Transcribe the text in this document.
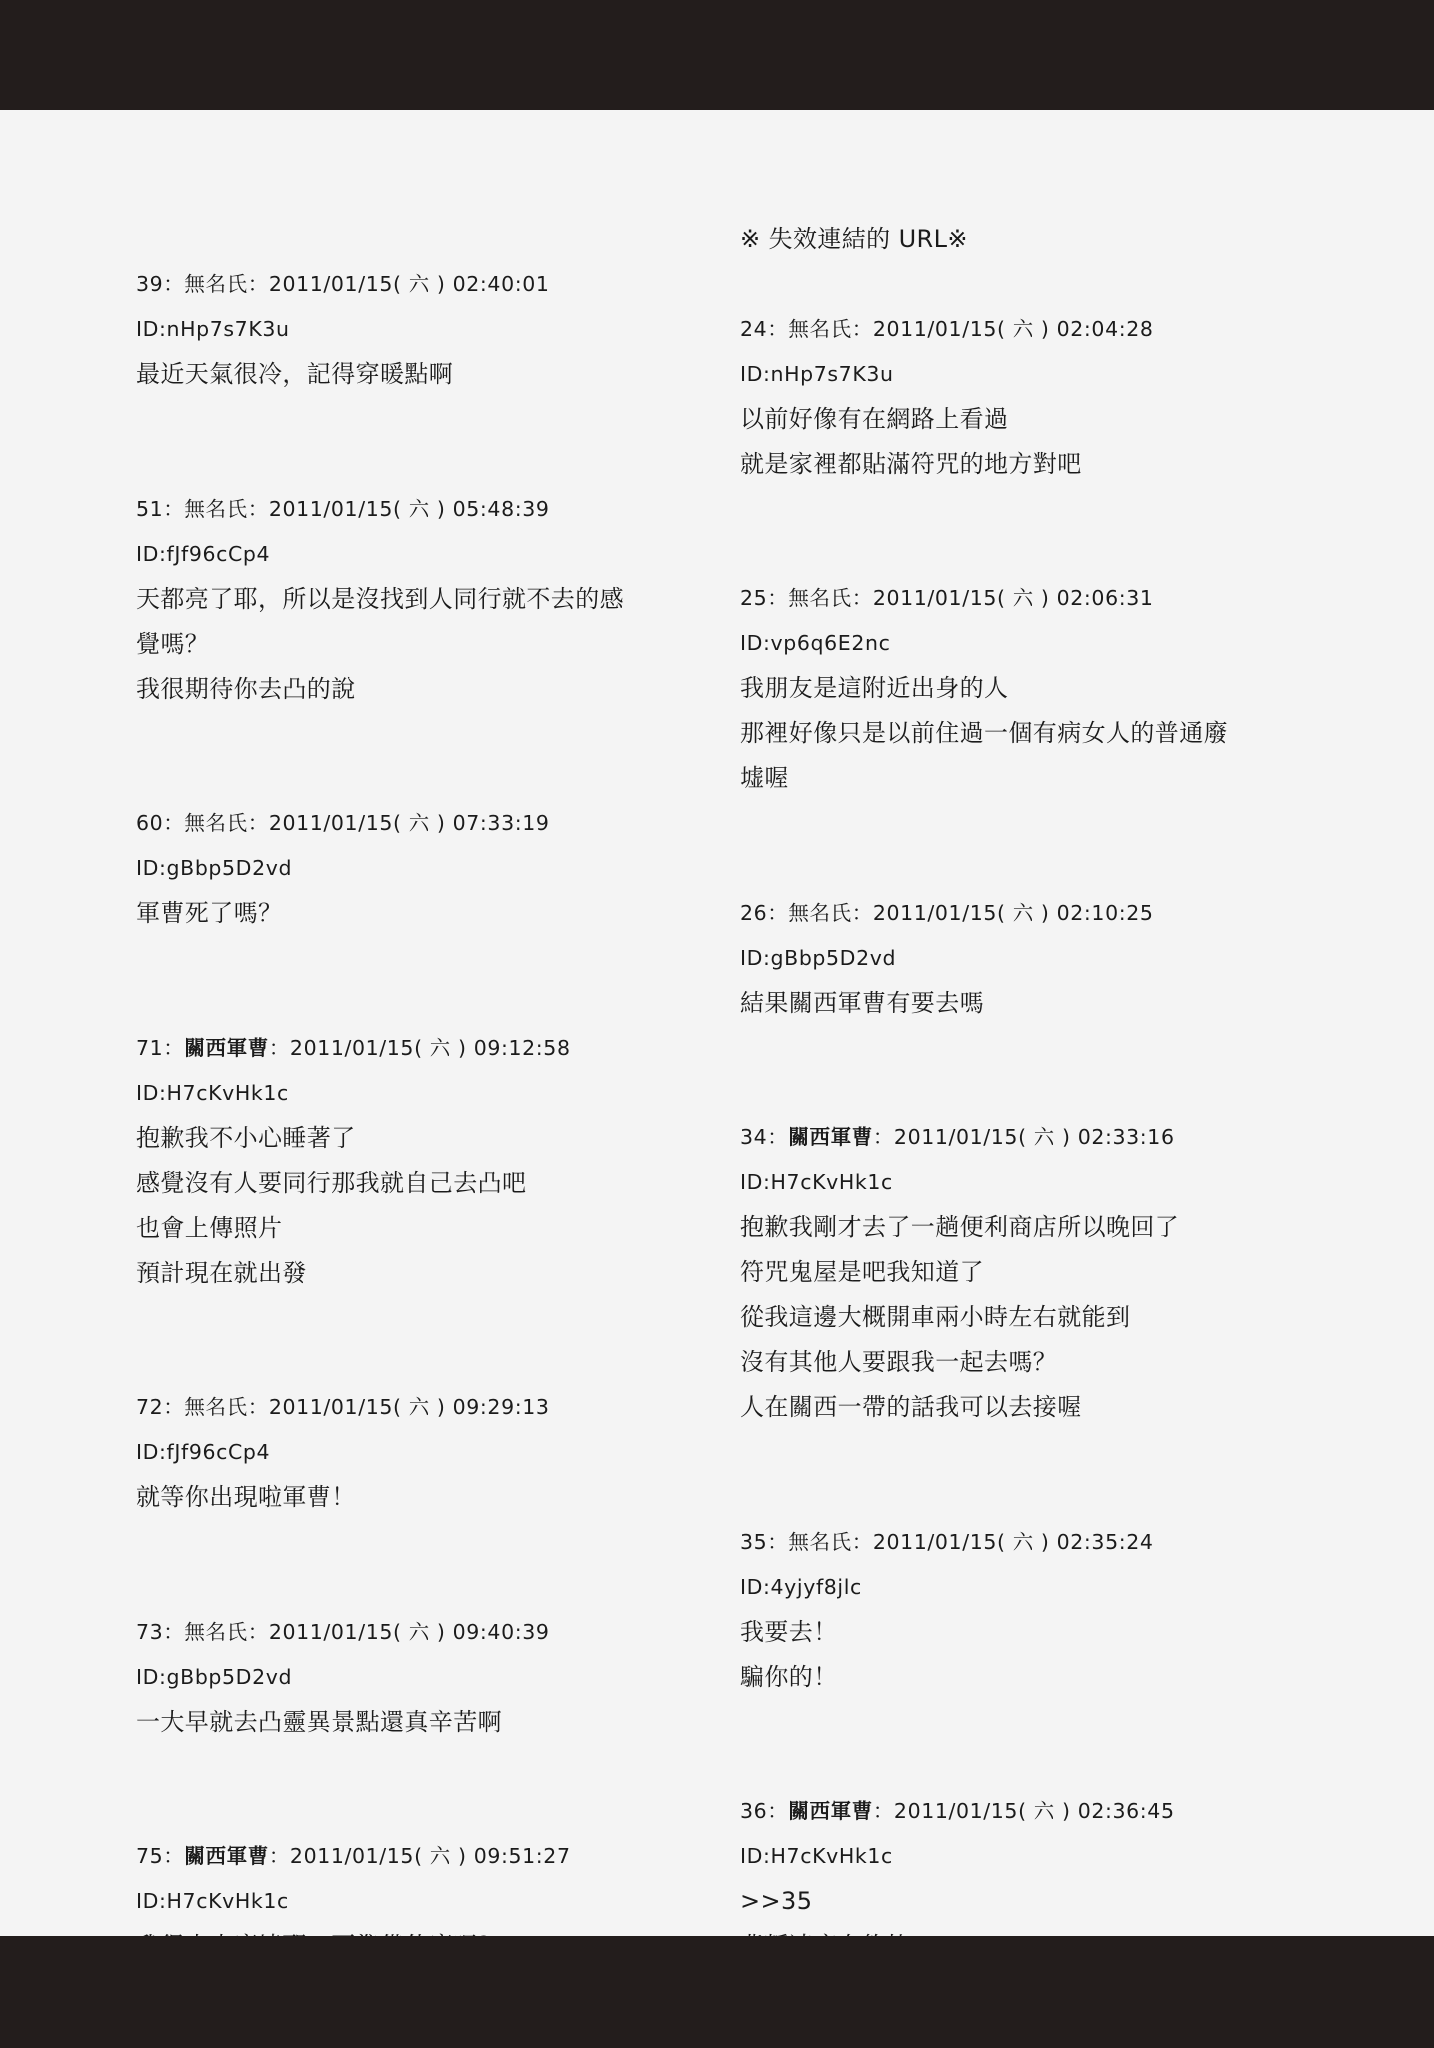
39：無名氏：2011/01/15( 六 ) 02:40:01

ID:nHp7s7K3u

最近天氣很冷，記得穿暖點啊

51：無名氏：2011/01/15( 六 ) 05:48:39

ID:fJf96cCp4

天都亮了耶，所以是沒找到人同行就不去的感

覺嗎？

我很期待你去凸的說

60：無名氏：2011/01/15( 六 ) 07:33:19

ID:gBbp5D2vd

軍曹死了嗎？

71：關西軍曹：2011/01/15( 六 ) 09:12:58

ID:H7cKvHk1c

抱歉我不小心睡著了

感覺沒有人要同行那我就自己去凸吧

也會上傳照片

預計現在就出發

72：無名氏：2011/01/15( 六 ) 09:29:13

ID:fJf96cCp4

就等你出現啦軍曹！

73：無名氏：2011/01/15( 六 ) 09:40:39

ID:gBbp5D2vd

一大早就去凸靈異景點還真辛苦啊

75：關西軍曹：2011/01/15( 六 ) 09:51:27

ID:H7cKvHk1c

※ 失效連結的 URL※

24：無名氏：2011/01/15( 六 ) 02:04:28

ID:nHp7s7K3u

以前好像有在網路上看過

就是家裡都貼滿符咒的地方對吧

25：無名氏：2011/01/15( 六 ) 02:06:31

ID:vp6q6E2nc

我朋友是這附近出身的人

那裡好像只是以前住過一個有病女人的普通廢

墟喔

26：無名氏：2011/01/15( 六 ) 02:10:25

ID:gBbp5D2vd

結果關西軍曹有要去嗎

34：關西軍曹：2011/01/15( 六 ) 02:33:16

ID:H7cKvHk1c

抱歉我剛才去了一趟便利商店所以晚回了

符咒鬼屋是吧我知道了

從我這邊大概開車兩小時左右就能到

沒有其他人要跟我一起去嗎？

人在關西一帶的話我可以去接喔

35：無名氏：2011/01/15( 六 ) 02:35:24

ID:4yjyf8jlc

我要去！

騙你的！

36：關西軍曹：2011/01/15( 六 ) 02:36:45

ID:H7cKvHk1c

>>35
